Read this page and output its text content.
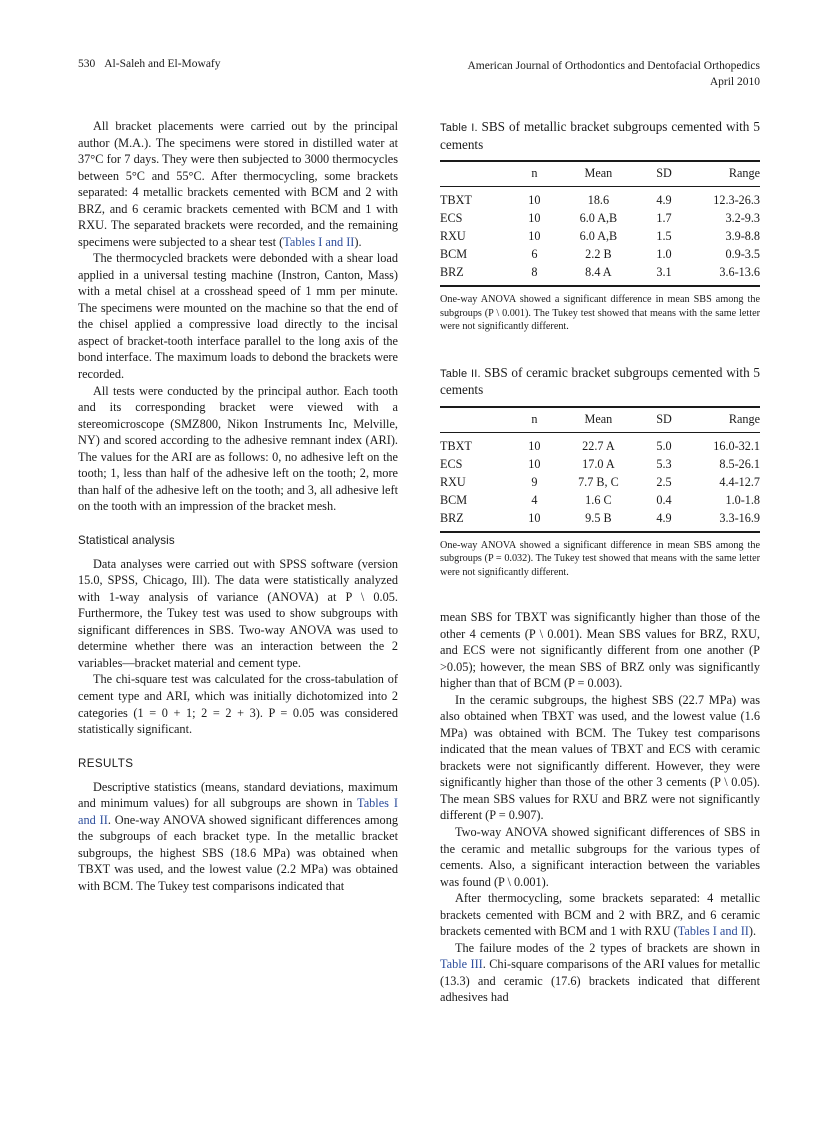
530 Al-Saleh and El-Mowafy	American Journal of Orthodontics and Dentofacial Orthopedics
April 2010

All bracket placements were carried out by the principal author (M.A.). The specimens were stored in distilled water at 37°C for 7 days. They were then subjected to 3000 thermocycles between 5°C and 55°C. After thermocycling, some brackets separated: 4 metallic brackets cemented with BCM and 2 with BRZ, and 6 ceramic brackets cemented with BCM and 1 with RXU. The separated brackets were recorded, and the remaining specimens were subjected to a shear test (Tables I and II).

The thermocycled brackets were debonded with a shear load applied in a universal testing machine (Instron, Canton, Mass) with a metal chisel at a crosshead speed of 1 mm per minute. The specimens were mounted on the machine so that the end of the chisel applied a compressive load directly to the incisal aspect of bracket-tooth interface parallel to the long axis of the bond interface. The maximum loads to debond the brackets were recorded.

All tests were conducted by the principal author. Each tooth and its corresponding bracket were viewed with a stereomicroscope (SMZ800, Nikon Instruments Inc, Melville, NY) and scored according to the adhesive remnant index (ARI). The values for the ARI are as follows: 0, no adhesive left on the tooth; 1, less than half of the adhesive left on the tooth; 2, more than half of the adhesive left on the tooth; and 3, all adhesive left on the tooth with an impression of the bracket mesh.

Statistical analysis

Data analyses were carried out with SPSS software (version 15.0, SPSS, Chicago, Ill). The data were statistically analyzed with 1-way analysis of variance (ANOVA) at P \ 0.05. Furthermore, the Tukey test was used to show subgroups with significant differences in SBS. Two-way ANOVA was used to determine whether there was an interaction between the 2 variables—bracket material and cement type.

The chi-square test was calculated for the cross-tabulation of cement type and ARI, which was initially dichotomized into 2 categories (1 = 0 + 1; 2 = 2 + 3). P = 0.05 was considered statistically significant.

RESULTS

Descriptive statistics (means, standard deviations, maximum and minimum values) for all subgroups are shown in Tables I and II. One-way ANOVA showed significant differences among the subgroups of each bracket type. In the metallic bracket subgroups, the highest SBS (18.6 MPa) was obtained when TBXT was used, and the lowest value (2.2 MPa) was obtained with BCM. The Tukey test comparisons indicated that

Table I. SBS of metallic bracket subgroups cemented with 5 cements
	n	Mean	SD	Range
TBXT	10	18.6	4.9	12.3-26.3
ECS	10	6.0 A,B	1.7	3.2-9.3
RXU	10	6.0 A,B	1.5	3.9-8.8
BCM	6	2.2 B	1.0	0.9-3.5
BRZ	8	8.4 A	3.1	3.6-13.6
One-way ANOVA showed a significant difference in mean SBS among the subgroups (P \ 0.001). The Tukey test showed that means with the same letter were not significantly different.
Table II. SBS of ceramic bracket subgroups cemented with 5 cements
	n	Mean	SD	Range
TBXT	10	22.7 A	5.0	16.0-32.1
ECS	10	17.0 A	5.3	8.5-26.1
RXU	9	7.7 B, C	2.5	4.4-12.7
BCM	4	1.6 C	0.4	1.0-1.8
BRZ	10	9.5 B	4.9	3.3-16.9
One-way ANOVA showed a significant difference in mean SBS among the subgroups (P = 0.032). The Tukey test showed that means with the same letter were not significantly different.

mean SBS for TBXT was significantly higher than those of the other 4 cements (P \ 0.001). Mean SBS values for BRZ, RXU, and ECS were not significantly different from one another (P >0.05); however, the mean SBS of BRZ only was significantly higher than that of BCM (P = 0.003).

In the ceramic subgroups, the highest SBS (22.7 MPa) was also obtained when TBXT was used, and the lowest value (1.6 MPa) was obtained with BCM. The Tukey test comparisons indicated that the mean values of TBXT and ECS with ceramic brackets were not significantly different. However, they were significantly higher than those of the other 3 cements (P \ 0.05). The mean SBS values for RXU and BRZ were not significantly different (P = 0.907).

Two-way ANOVA showed significant differences of SBS in the ceramic and metallic subgroups for the various types of cements. Also, a significant interaction between the variables was found (P \ 0.001).

After thermocycling, some brackets separated: 4 metallic brackets cemented with BCM and 2 with BRZ, and 6 ceramic brackets cemented with BCM and 1 with RXU (Tables I and II).

The failure modes of the 2 types of brackets are shown in Table III. Chi-square comparisons of the ARI values for metallic (13.3) and ceramic (17.6) brackets indicated that different adhesives had
